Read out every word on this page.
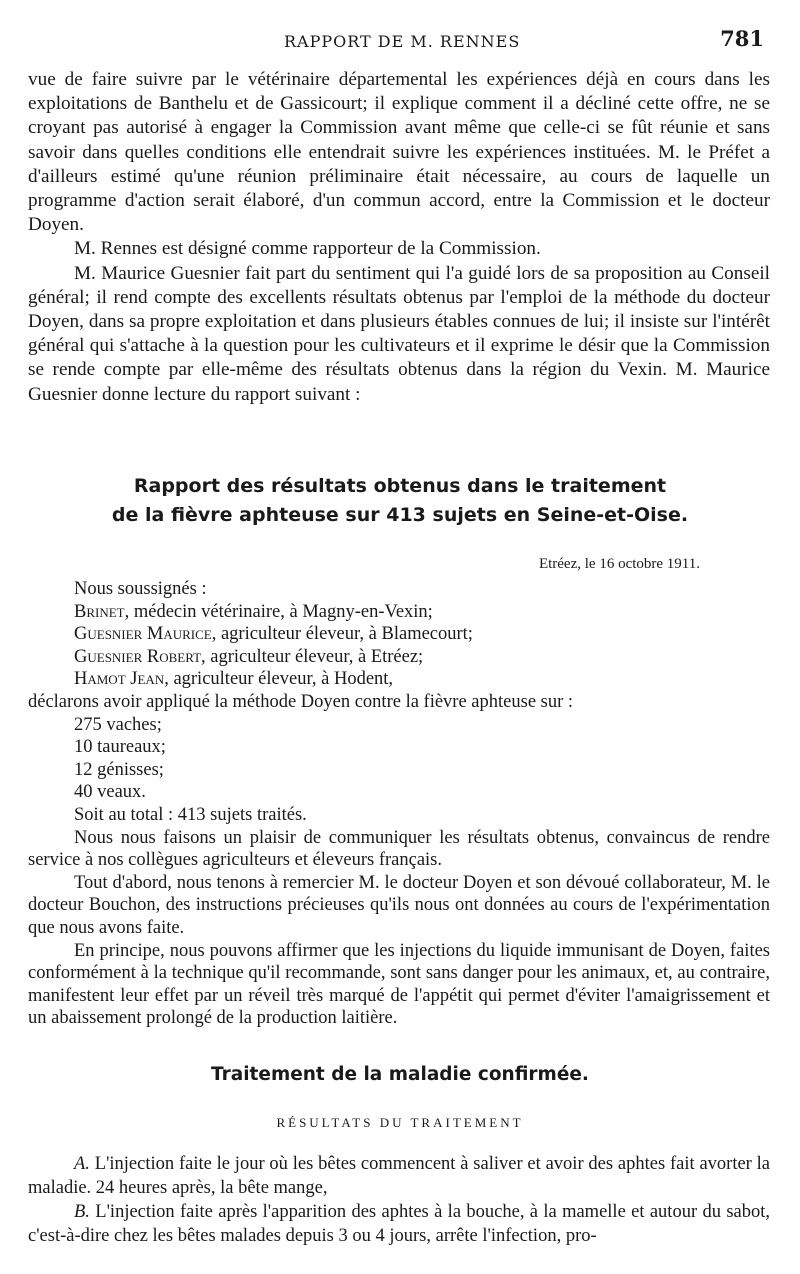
RAPPORT DE M. RENNES	781

vue de faire suivre par le vétérinaire départemental les expériences déjà en cours dans les exploitations de Banthelu et de Gassicourt; il explique comment il a décliné cette offre, ne se croyant pas autorisé à engager la Commission avant même que celle-ci se fût réunie et sans savoir dans quelles conditions elle entendrait suivre les expériences instituées. M. le Préfet a d'ailleurs estimé qu'une réunion préliminaire était nécessaire, au cours de laquelle un programme d'action serait élaboré, d'un commun accord, entre la Commission et le docteur Doyen.

M. Rennes est désigné comme rapporteur de la Commission.

M. Maurice Guesnier fait part du sentiment qui l'a guidé lors de sa proposition au Conseil général; il rend compte des excellents résultats obtenus par l'emploi de la méthode du docteur Doyen, dans sa propre exploitation et dans plusieurs étables connues de lui; il insiste sur l'intérêt général qui s'attache à la question pour les cultivateurs et il exprime le désir que la Commission se rende compte par elle-même des résultats obtenus dans la région du Vexin. M. Maurice Guesnier donne lecture du rapport suivant :

Rapport des résultats obtenus dans le traitement
de la fièvre aphteuse sur 413 sujets en Seine-et-Oise.
Etréez, le 16 octobre 1911.

Nous soussignés :

Brinet, médecin vétérinaire, à Magny-en-Vexin;

Guesnier Maurice, agriculteur éleveur, à Blamecourt;

Guesnier Robert, agriculteur éleveur, à Etréez;

Hamot Jean, agriculteur éleveur, à Hodent,

déclarons avoir appliqué la méthode Doyen contre la fièvre aphteuse sur :

275 vaches;

10 taureaux;

12 génisses;

40 veaux.

Soit au total : 413 sujets traités.

Nous nous faisons un plaisir de communiquer les résultats obtenus, convaincus de rendre service à nos collègues agriculteurs et éleveurs français.

Tout d'abord, nous tenons à remercier M. le docteur Doyen et son dévoué collaborateur, M. le docteur Bouchon, des instructions précieuses qu'ils nous ont données au cours de l'expérimentation que nous avons faite.

En principe, nous pouvons affirmer que les injections du liquide immunisant de Doyen, faites conformément à la technique qu'il recommande, sont sans danger pour les animaux, et, au contraire, manifestent leur effet par un réveil très marqué de l'appétit qui permet d'éviter l'amaigrissement et un abaissement prolongé de la production laitière.

Traitement de la maladie confirmée.
RÉSULTATS DU TRAITEMENT

A. L'injection faite le jour où les bêtes commencent à saliver et avoir des aphtes fait avorter la maladie. 24 heures après, la bête mange,

B. L'injection faite après l'apparition des aphtes à la bouche, à la mamelle et autour du sabot, c'est-à-dire chez les bêtes malades depuis 3 ou 4 jours, arrête l'infection, pro-
